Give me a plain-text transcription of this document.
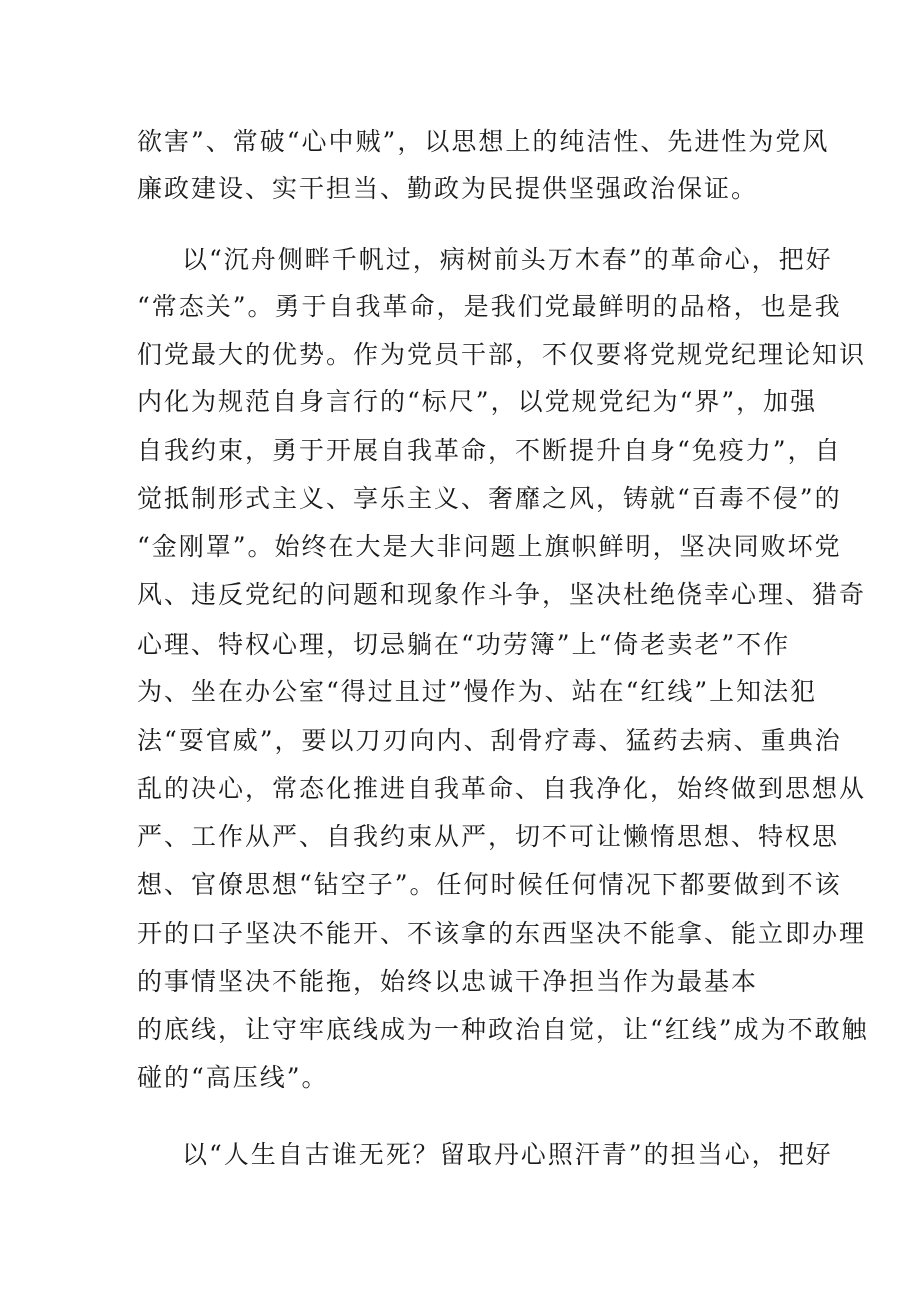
欲害”、常破“心中贼”，以思想上的纯洁性、先进性为党风
廉政建设、实干担当、勤政为民提供坚强政治保证。
以“沉舟侧畔千帆过，病树前头万木春”的革命心，把好
“常态关”。勇于自我革命，是我们党最鲜明的品格，也是我
们党最大的优势。作为党员干部，不仅要将党规党纪理论知识
内化为规范自身言行的“标尺”，以党规党纪为“界”，加强
自我约束，勇于开展自我革命，不断提升自身“免疫力”，自
觉抵制形式主义、享乐主义、奢靡之风，铸就“百毒不侵”的
“金刚罩”。始终在大是大非问题上旗帜鲜明，坚决同败坏党
风、违反党纪的问题和现象作斗争，坚决杜绝侥幸心理、猎奇
心理、特权心理，切忌躺在“功劳簿”上“倚老卖老”不作
为、坐在办公室“得过且过”慢作为、站在“红线”上知法犯
法“耍官威”，要以刀刃向内、刮骨疗毒、猛药去病、重典治
乱的决心，常态化推进自我革命、自我净化，始终做到思想从
严、工作从严、自我约束从严，切不可让懒惰思想、特权思
想、官僚思想“钻空子”。任何时候任何情况下都要做到不该
开的口子坚决不能开、不该拿的东西坚决不能拿、能立即办理
的事情坚决不能拖，始终以忠诚干净担当作为最基本
的底线，让守牢底线成为一种政治自觉，让“红线”成为不敢触
碰的“高压线”。
以“人生自古谁无死？留取丹心照汗青”的担当心，把好
